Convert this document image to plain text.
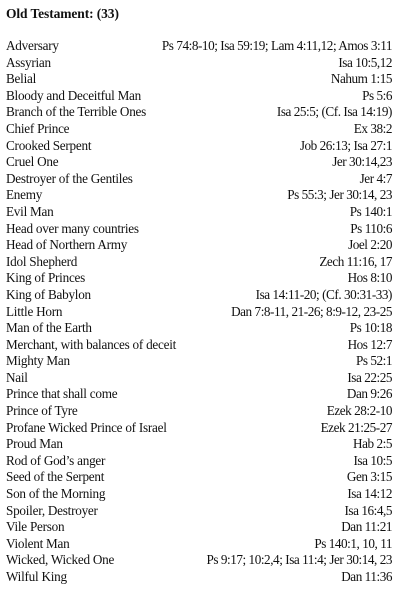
Old Testament: (33)
Adversary	Ps 74:8-10; Isa 59:19; Lam 4:11,12; Amos 3:11
Assyrian	Isa 10:5,12
Belial	Nahum 1:15
Bloody and Deceitful Man	Ps 5:6
Branch of the Terrible Ones	Isa 25:5; (Cf. Isa 14:19)
Chief Prince	Ex 38:2
Crooked Serpent	Job 26:13; Isa 27:1
Cruel One	Jer 30:14,23
Destroyer of the Gentiles	Jer 4:7
Enemy	Ps 55:3; Jer 30:14, 23
Evil Man	Ps 140:1
Head over many countries	Ps 110:6
Head of Northern Army	Joel 2:20
Idol Shepherd	Zech 11:16, 17
King of Princes	Hos 8:10
King of Babylon	Isa 14:11-20; (Cf. 30:31-33)
Little Horn	Dan 7:8-11, 21-26; 8:9-12, 23-25
Man of the Earth	Ps 10:18
Merchant, with balances of deceit	Hos 12:7
Mighty Man	Ps 52:1
Nail	Isa 22:25
Prince that shall come	Dan 9:26
Prince of Tyre	Ezek 28:2-10
Profane Wicked Prince of Israel	Ezek 21:25-27
Proud Man	Hab 2:5
Rod of God’s anger	Isa 10:5
Seed of the Serpent	Gen 3:15
Son of the Morning	Isa 14:12
Spoiler, Destroyer	Isa 16:4,5
Vile Person	Dan 11:21
Violent Man	Ps 140:1, 10, 11
Wicked, Wicked One	Ps 9:17; 10:2,4; Isa 11:4; Jer 30:14, 23
Wilful King	Dan 11:36
